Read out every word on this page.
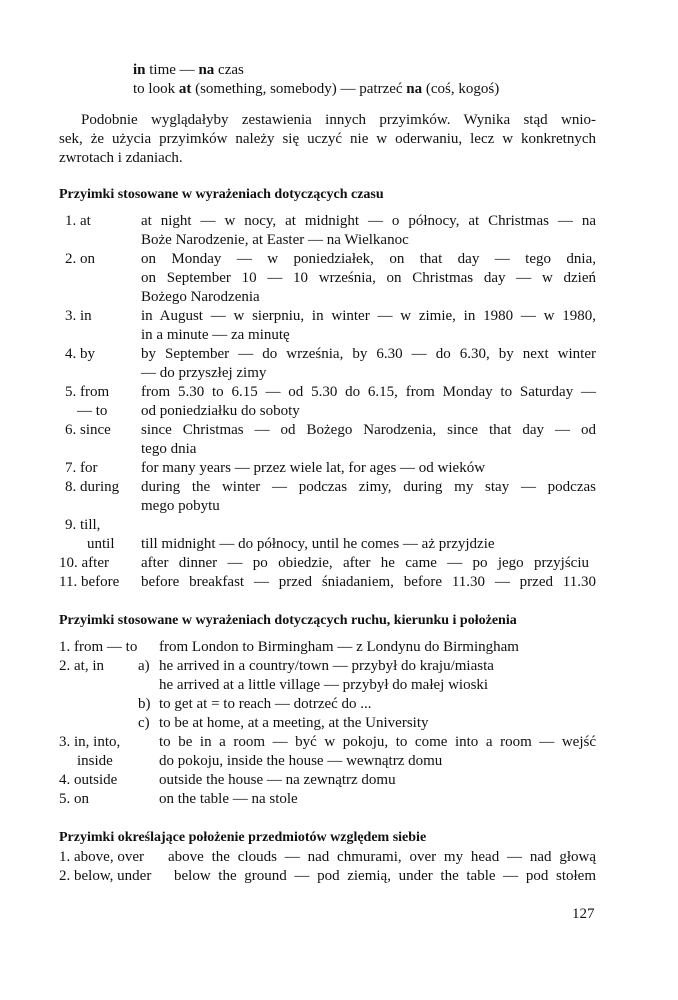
in time — na czas
to look at (something, somebody) — patrzeć na (coś, kogoś)
Podobnie wyglądałyby zestawienia innych przyimków. Wynika stąd wnio-
sek, że użycia przyimków należy się uczyć nie w oderwaniu, lecz w konkretnych
zwrotach i zdaniach.
Przyimki stosowane w wyrażeniach dotyczących czasu
1. at
2. on
3. in
4. by
5. from
— to
6. since
7. for
8. during
9. till,
until
10. after
11. before
at night — w nocy, at midnight — o północy, at Christmas — na
Boże Narodzenie, at Easter — na Wielkanoc
on Monday — w poniedziałek, on that day — tego dnia,
on September 10 — 10 września, on Christmas day — w dzień
Bożego Narodzenia
in August — w sierpniu, in winter — w zimie, in 1980 — w 1980,
in a minute — za minutę
by September — do września, by 6.30 — do 6.30, by next winter
— do przyszłej zimy
from 5.30 to 6.15 — od 5.30 do 6.15, from Monday to Saturday —
od poniedziałku do soboty
since Christmas — od Bożego Narodzenia, since that day — od
tego dnia
for many years — przez wiele lat, for ages — od wieków
during the winter — podczas zimy, during my stay — podczas
mego pobytu
till midnight — do północy, until he comes — aż przyjdzie
after dinner — po obiedzie, after he came — po jego przyjściu
before breakfast — przed śniadaniem, before 11.30 — przed 11.30
Przyimki stosowane w wyrażeniach dotyczących ruchu, kierunku i położenia
1. from — to
2. at, in a)
b)
c)
3. in, into,
inside
4. outside
5. on
from London to Birmingham — z Londynu do Birmingham
he arrived in a country/town — przybył do kraju/miasta
he arrived at a little village — przybył do małej wioski
to get at = to reach — dotrzeć do ...
to be at home, at a meeting, at the University
to be in a room — być w pokoju, to come into a room — wejść
do pokoju, inside the house — wewnątrz domu
outside the house — na zewnątrz domu
on the table — na stole
Przyimki określające położenie przedmiotów względem siebie
1. above, over
2. below, under
above the clouds — nad chmurami, over my head — nad głową
below the ground — pod ziemią, under the table — pod stołem
127
